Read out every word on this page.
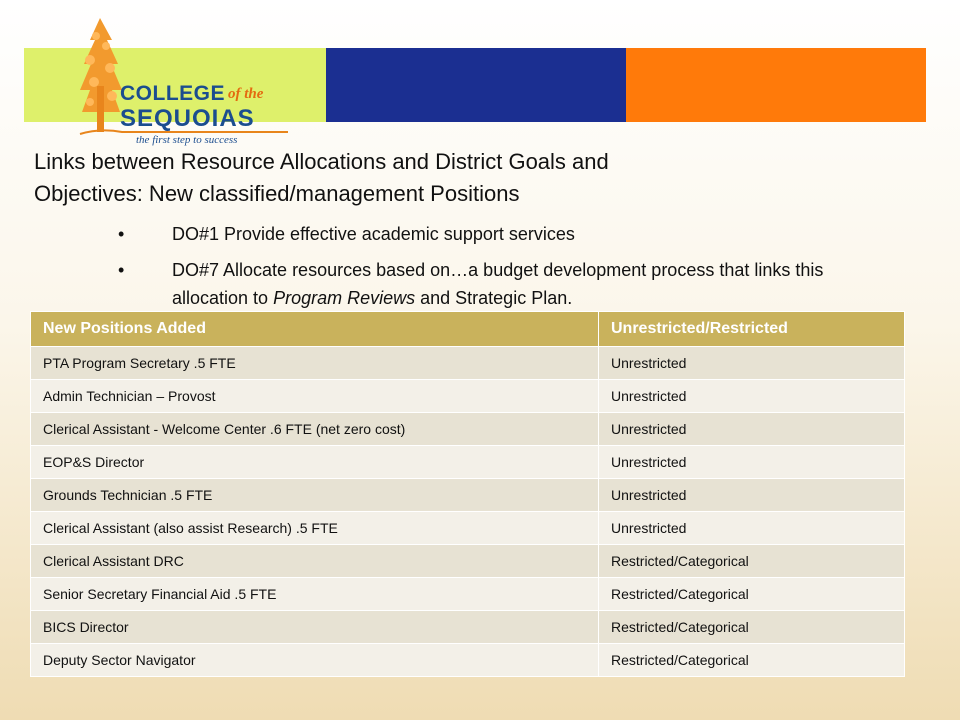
COLLEGE of the
SEQUOIAS
the first step to success
Links between Resource Allocations and District Goals and
Objectives: New classified/management Positions
•	DO#1 Provide effective academic support services
•	DO#7 Allocate resources based on…a budget development process that links this allocation to Program Reviews and Strategic Plan.
New Positions Added	Unrestricted/Restricted
PTA Program Secretary .5 FTE	Unrestricted
Admin Technician – Provost	Unrestricted
Clerical Assistant - Welcome Center .6 FTE (net zero cost)	Unrestricted
EOP&S Director	Unrestricted
Grounds Technician .5 FTE	Unrestricted
Clerical Assistant (also assist Research) .5 FTE	Unrestricted
Clerical Assistant DRC	Restricted/Categorical
Senior Secretary Financial Aid .5 FTE	Restricted/Categorical
BICS Director	Restricted/Categorical
Deputy Sector Navigator	Restricted/Categorical
